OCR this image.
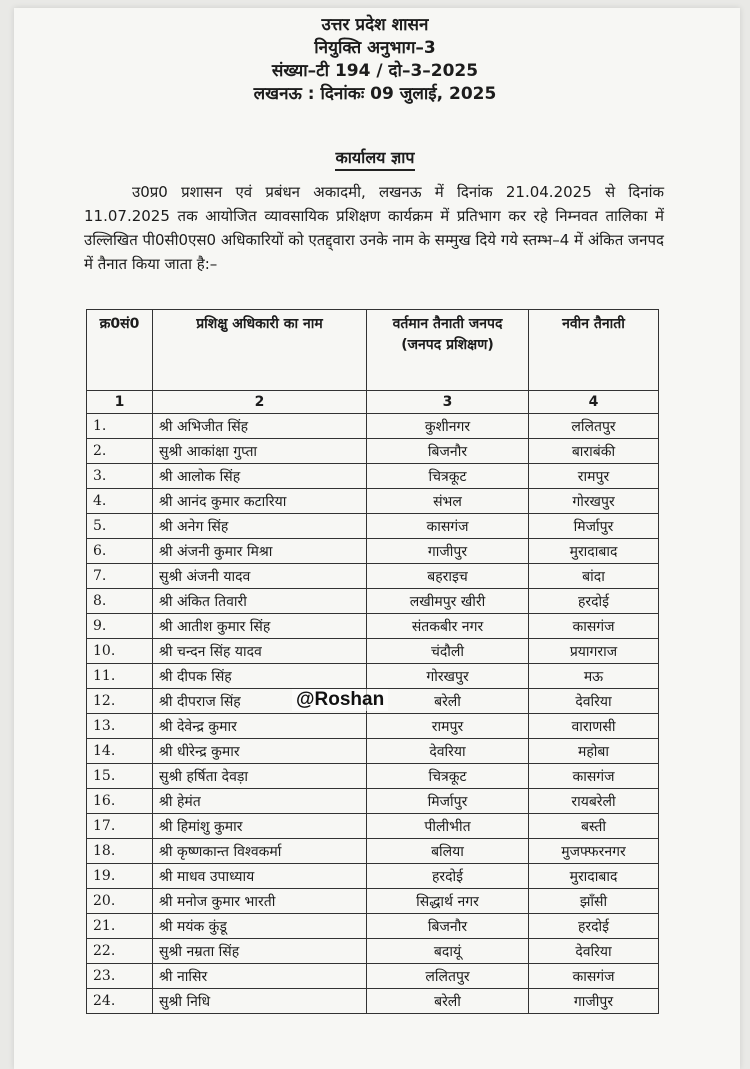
उत्तर प्रदेश शासन
नियुक्ति अनुभाग–3
संख्या–टी 194 / दो–3–2025
लखनऊ : दिनांकः 09 जुलाई, 2025
कार्यालय ज्ञाप

उ0प्र0 प्रशासन एवं प्रबंधन अकादमी, लखनऊ में दिनांक 21.04.2025 से दिनांक 11.07.2025 तक आयोजित व्यावसायिक प्रशिक्षण कार्यक्रम में प्रतिभाग कर रहे निम्नवत तालिका में उल्लिखित पी0सी0एस0 अधिकारियों को एतद्द्वारा उनके नाम के सम्मुख दिये गये स्तम्भ–4 में अंकित जनपद में तैनात किया जाता है:–

क्र0सं0	प्रशिक्षु अधिकारी का नाम	वर्तमान तैनाती जनपद (जनपद प्रशिक्षण)	नवीन तैनाती
1	2	3	4
1.	श्री अभिजीत सिंह	कुशीनगर	ललितपुर
2.	सुश्री आकांक्षा गुप्ता	बिजनौर	बाराबंकी
3.	श्री आलोक सिंह	चित्रकूट	रामपुर
4.	श्री आनंद कुमार कटारिया	संभल	गोरखपुर
5.	श्री अनेग सिंह	कासगंज	मिर्जापुर
6.	श्री अंजनी कुमार मिश्रा	गाजीपुर	मुरादाबाद
7.	सुश्री अंजनी यादव	बहराइच	बांदा
8.	श्री अंकित तिवारी	लखीमपुर खीरी	हरदोई
9.	श्री आतीश कुमार सिंह	संतकबीर नगर	कासगंज
10.	श्री चन्दन सिंह यादव	चंदौली	प्रयागराज
11.	श्री दीपक सिंह	गोरखपुर	मऊ
12.	श्री दीपराज सिंह	बरेली	देवरिया
13.	श्री देवेन्द्र कुमार	रामपुर	वाराणसी
14.	श्री धीरेन्द्र कुमार	देवरिया	महोबा
15.	सुश्री हर्षिता देवड़ा	चित्रकूट	कासगंज
16.	श्री हेमंत	मिर्जापुर	रायबरेली
17.	श्री हिमांशु कुमार	पीलीभीत	बस्ती
18.	श्री कृष्णकान्त विश्वकर्मा	बलिया	मुजफ्फरनगर
19.	श्री माधव उपाध्याय	हरदोई	मुरादाबाद
20.	श्री मनोज कुमार भारती	सिद्धार्थ नगर	झाँसी
21.	श्री मयंक कुंडू	बिजनौर	हरदोई
22.	सुश्री नम्रता सिंह	बदायूं	देवरिया
23.	श्री नासिर	ललितपुर	कासगंज
24.	सुश्री निधि	बरेली	गाजीपुर
@Roshan
